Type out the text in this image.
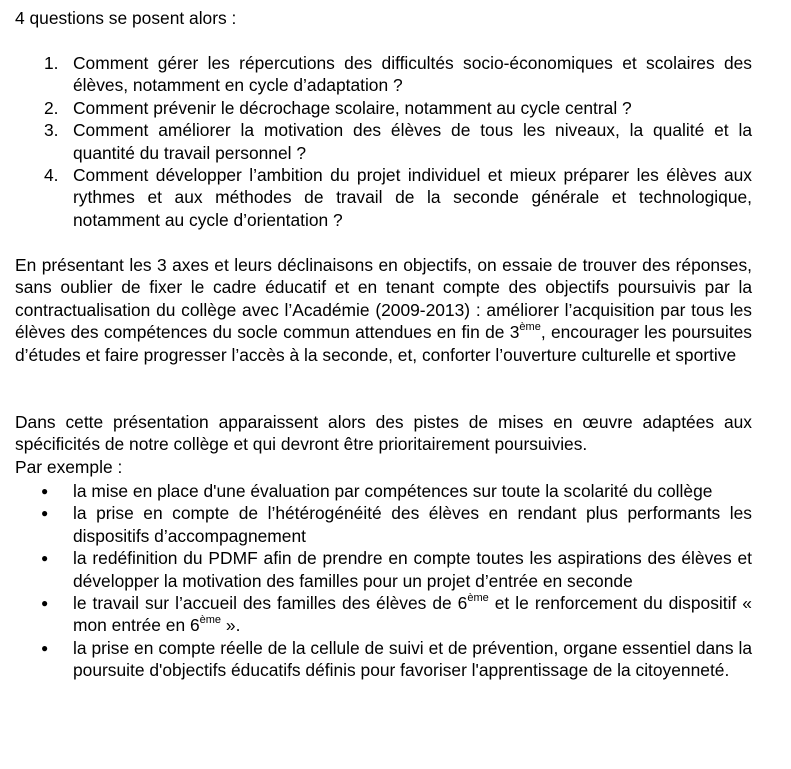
4 questions se posent alors :
1. Comment gérer les répercutions des difficultés socio-économiques et scolaires des élèves, notamment en cycle d’adaptation ?
2. Comment prévenir le décrochage scolaire, notamment au cycle central ?
3. Comment améliorer la motivation des élèves de tous les niveaux, la qualité et la quantité du travail personnel ?
4. Comment développer l’ambition du projet individuel et mieux préparer les élèves aux rythmes et aux méthodes de travail de la seconde générale et technologique, notamment au cycle d’orientation ?
En présentant les 3 axes et leurs déclinaisons en objectifs, on essaie de trouver des réponses, sans oublier de fixer le cadre éducatif et en tenant compte des objectifs poursuivis par la contractualisation du collège avec l’Académie (2009-2013) : améliorer l’acquisition par tous les élèves des compétences du socle commun attendues en fin de 3ème, encourager les poursuites d’études et faire progresser l’accès à la seconde, et, conforter l’ouverture culturelle et sportive
Dans cette présentation apparaissent alors des pistes de mises en œuvre adaptées aux spécificités de notre collège et qui devront être prioritairement poursuivies.
Par exemple :
● la mise en place d'une évaluation par compétences sur toute la scolarité du collège
● la prise en compte de l’hétérogénéité des élèves en rendant plus performants les dispositifs d’accompagnement
● la redéfinition du PDMF afin de prendre en compte toutes les aspirations des élèves et développer la motivation des familles pour un projet d’entrée en seconde
● le travail sur l’accueil des familles des élèves de 6ème et le renforcement du dispositif « mon entrée en 6ème ».
● la prise en compte réelle de la cellule de suivi et de prévention, organe essentiel dans la poursuite d'objectifs éducatifs définis pour favoriser l'apprentissage de la citoyenneté.
